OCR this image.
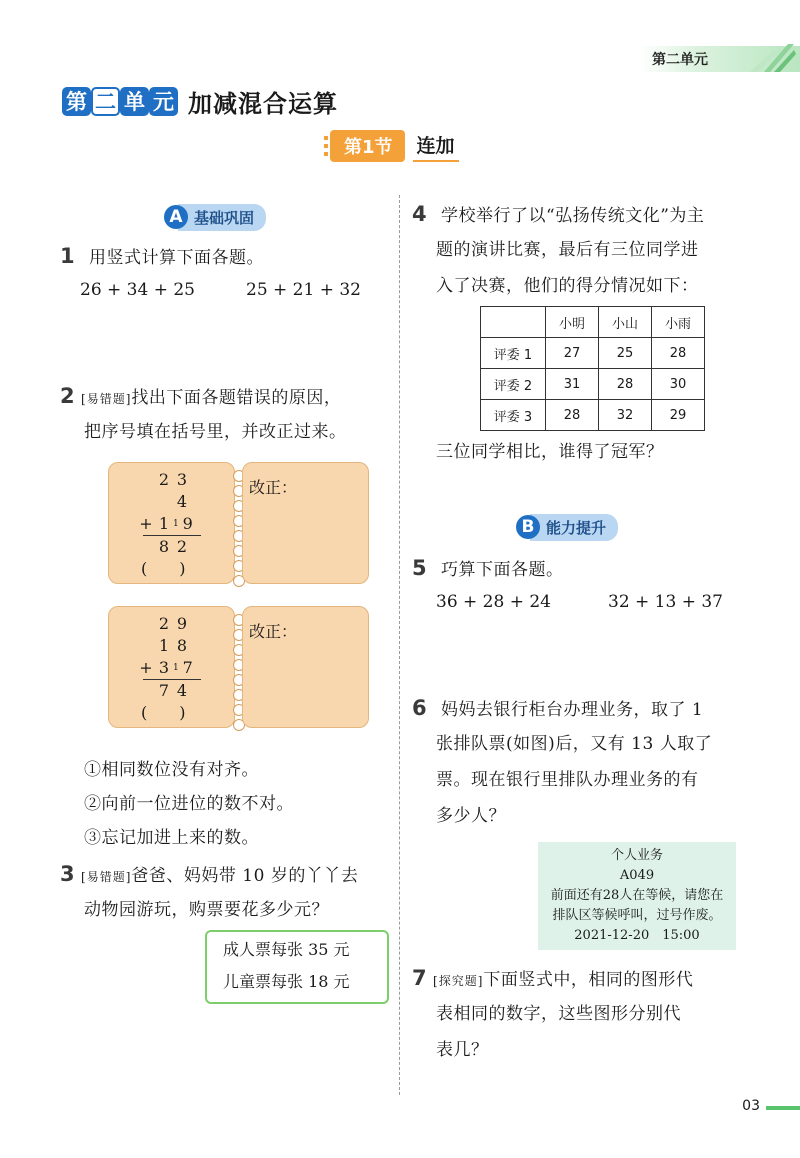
第二单元
第 二 单 元 加减混合运算
第1节	连加
A 基础巩固
1 用竖式计算下面各题。
26 + 34 + 25	25 + 21 + 32
2 [易错题]找出下面各题错误的原因，
把序号填在括号里，并改正过来。
2 3
4
+ 1 1 9
8 2
(　　)
改正：
2 9
1 8
+ 3 1 7
7 4
(　　)
改正：
①相同数位没有对齐。
②向前一位进位的数不对。
③忘记加进上来的数。
3 [易错题]爸爸、妈妈带 10 岁的丫丫去
动物园游玩，购票要花多少元？
成人票每张 35 元
儿童票每张 18 元
4 学校举行了以“弘扬传统文化”为主
题的演讲比赛，最后有三位同学进
入了决赛，他们的得分情况如下：
	小明	小山	小雨
评委 1	27	25	28
评委 2	31	28	30
评委 3	28	32	29
三位同学相比，谁得了冠军？
B 能力提升
5 巧算下面各题。
36 + 28 + 24	32 + 13 + 37
6 妈妈去银行柜台办理业务，取了 1
张排队票(如图)后，又有 13 人取了
票。现在银行里排队办理业务的有
多少人？
个人业务
A049
前面还有28人在等候，请您在
排队区等候呼叫，过号作废。
2021-12-20　15:00
7 [探究题]下面竖式中，相同的图形代
表相同的数字，这些图形分别代
表几？
03
